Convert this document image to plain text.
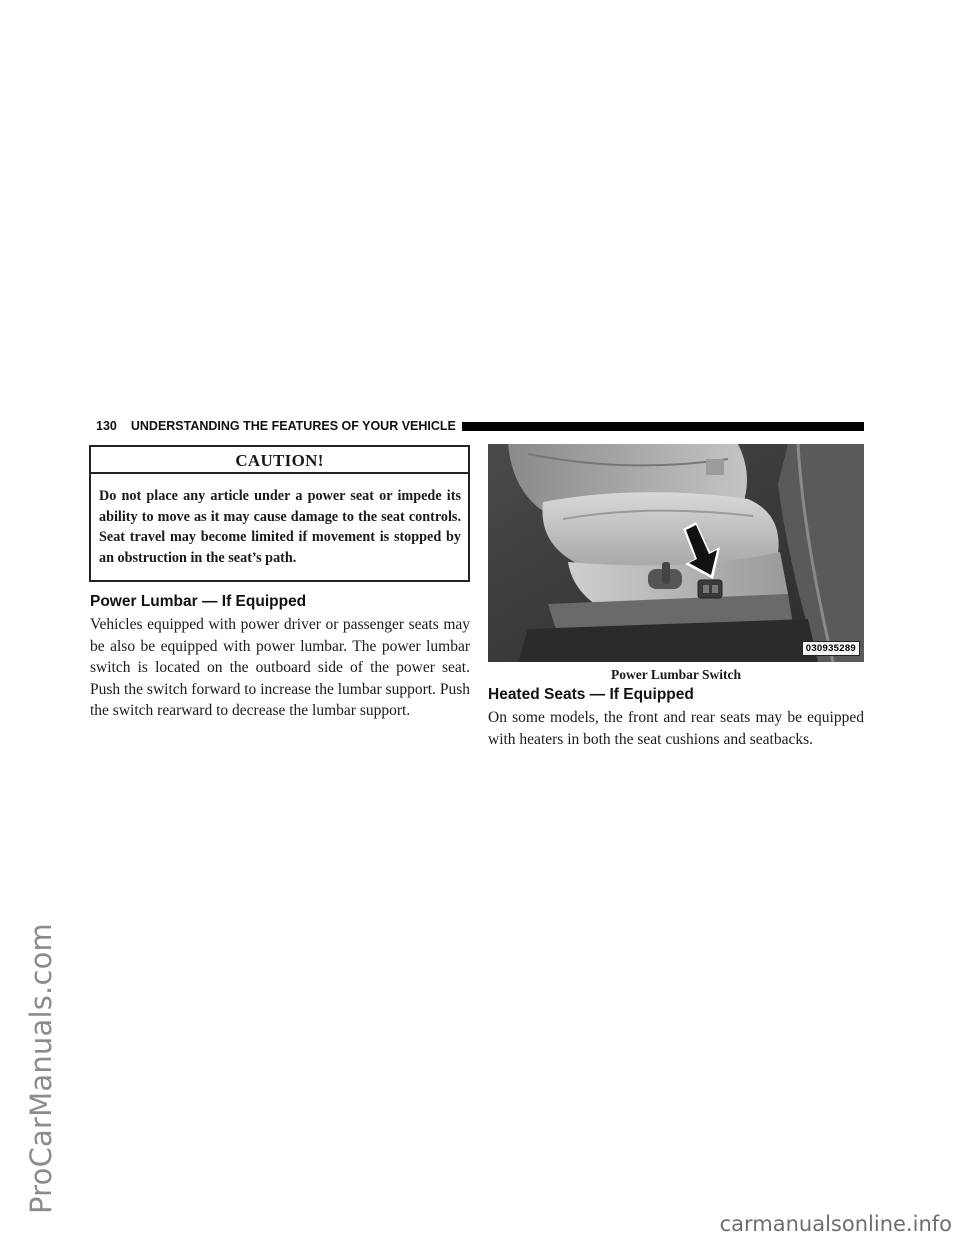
ProCarManuals.com
carmanualsonline.info
130	UNDERSTANDING THE FEATURES OF YOUR VEHICLE
CAUTION!
Do not place any article under a power seat or impede its ability to move as it may cause damage to the seat controls. Seat travel may become limited if movement is stopped by an obstruction in the seat’s path.
Power Lumbar — If Equipped
Vehicles equipped with power driver or passenger seats may be also be equipped with power lumbar. The power lumbar switch is located on the outboard side of the power seat. Push the switch forward to increase the lumbar support. Push the switch rearward to decrease the lumbar support.
030935289
Power Lumbar Switch
Heated Seats — If Equipped
On some models, the front and rear seats may be equipped with heaters in both the seat cushions and seatbacks.
